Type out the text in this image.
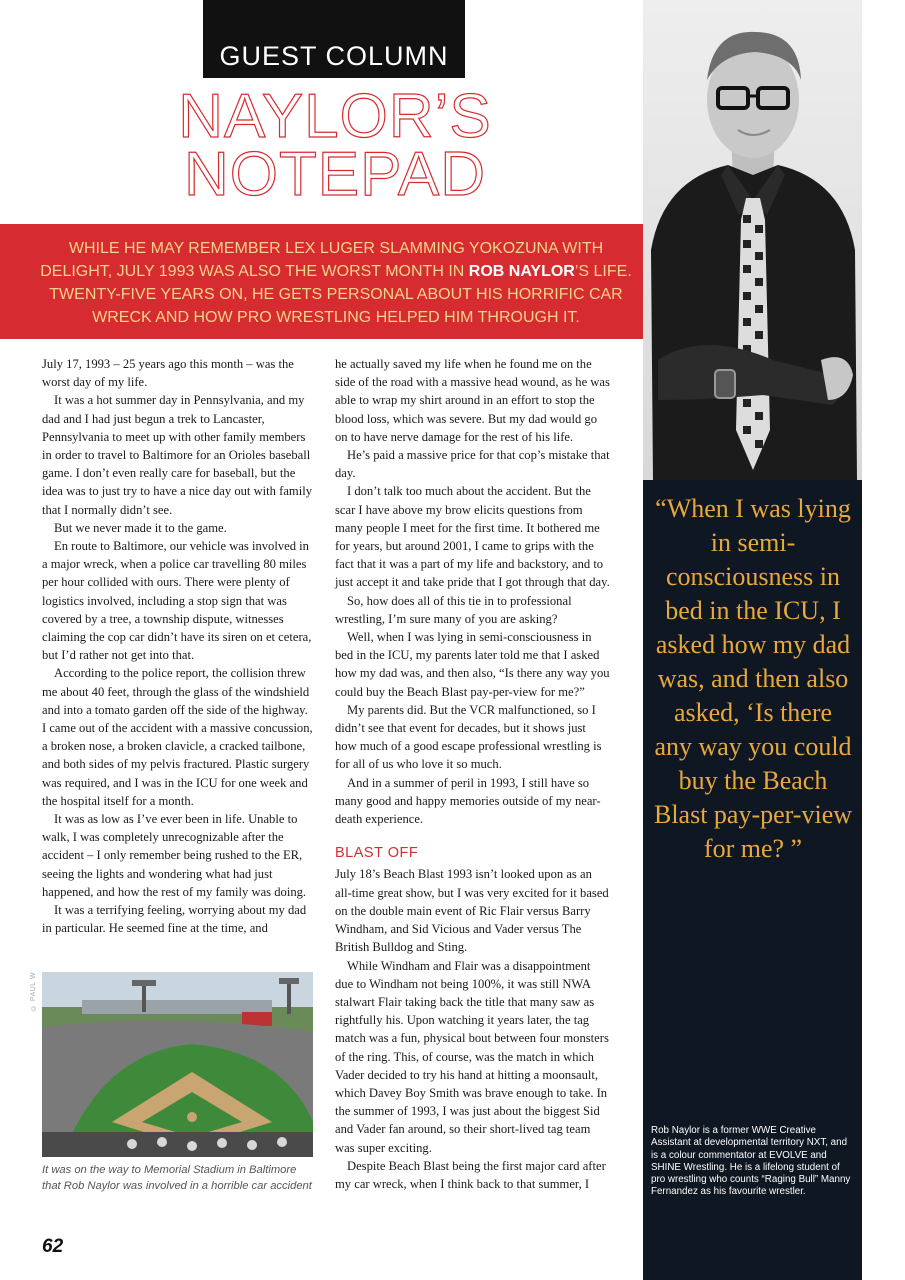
GUEST COLUMN
NAYLOR’S
NOTEPAD
WHILE HE MAY REMEMBER LEX LUGER SLAMMING YOKOZUNA WITH DELIGHT, JULY 1993 WAS ALSO THE WORST MONTH IN ROB NAYLOR’S LIFE. TWENTY-FIVE YEARS ON, HE GETS PERSONAL ABOUT HIS HORRIFIC CAR WRECK AND HOW PRO WRESTLING HELPED HIM THROUGH IT.
“When I was lying in semi-consciousness in bed in the ICU, I asked how my dad was, and then also asked, ‘Is there any way you could buy the Beach Blast pay-per-view for me? ”
Rob Naylor is a former WWE Creative Assistant at developmental territory NXT, and is a colour commentator at EVOLVE and SHINE Wrestling. He is a lifelong student of pro wrestling who counts “Raging Bull” Manny Fernandez as his favourite wrestler.

July 17, 1993 – 25 years ago this month – was the worst day of my life.

It was a hot summer day in Pennsylvania, and my dad and I had just begun a trek to Lancaster, Pennsylvania to meet up with other family members in order to travel to Baltimore for an Orioles baseball game. I don’t even really care for baseball, but the idea was to just try to have a nice day out with family that I normally didn’t see.

But we never made it to the game.

En route to Baltimore, our vehicle was involved in a major wreck, when a police car travelling 80 miles per hour collided with ours. There were plenty of logistics involved, including a stop sign that was covered by a tree, a township dispute, witnesses claiming the cop car didn’t have its siren on et cetera, but I’d rather not get into that.

According to the police report, the collision threw me about 40 feet, through the glass of the windshield and into a tomato garden off the side of the highway. I came out of the accident with a massive concussion, a broken nose, a broken clavicle, a cracked tailbone, and both sides of my pelvis fractured. Plastic surgery was required, and I was in the ICU for one week and the hospital itself for a month.

It was as low as I’ve ever been in life. Unable to walk, I was completely unrecognizable after the accident – I only remember being rushed to the ER, seeing the lights and wondering what had just happened, and how the rest of my family was doing.

It was a terrifying feeling, worrying about my dad in particular. He seemed fine at the time, and

he actually saved my life when he found me on the side of the road with a massive head wound, as he was able to wrap my shirt around in an effort to stop the blood loss, which was severe. But my dad would go on to have nerve damage for the rest of his life.

He’s paid a massive price for that cop’s mistake that day.

I don’t talk too much about the accident. But the scar I have above my brow elicits questions from many people I meet for the first time. It bothered me for years, but around 2001, I came to grips with the fact that it was a part of my life and backstory, and to just accept it and take pride that I got through that day.

So, how does all of this tie in to professional wrestling, I’m sure many of you are asking?

Well, when I was lying in semi-consciousness in bed in the ICU, my parents later told me that I asked how my dad was, and then also, “Is there any way you could buy the Beach Blast pay-per-view for me?”

My parents did. But the VCR malfunctioned, so I didn’t see that event for decades, but it shows just how much of a good escape professional wrestling is for all of us who love it so much.

And in a summer of peril in 1993, I still have so many good and happy memories outside of my near-death experience.

BLAST OFF

July 18’s Beach Blast 1993 isn’t looked upon as an all-time great show, but I was very excited for it based on the double main event of Ric Flair versus Barry Windham, and Sid Vicious and Vader versus The British Bulldog and Sting.

While Windham and Flair was a disappointment due to Windham not being 100%, it was still NWA stalwart Flair taking back the title that many saw as rightfully his. Upon watching it years later, the tag match was a fun, physical bout between four monsters of the ring. This, of course, was the match in which Vader decided to try his hand at hitting a moonsault, which Davey Boy Smith was brave enough to take. In the summer of 1993, I was just about the biggest Sid and Vader fan around, so their short-lived tag team was super exciting.

Despite Beach Blast being the first major card after my car wreck, when I think back to that summer, I

© PAUL W
It was on the way to Memorial Stadium in Baltimore that Rob Naylor was involved in a horrible car accident
62
